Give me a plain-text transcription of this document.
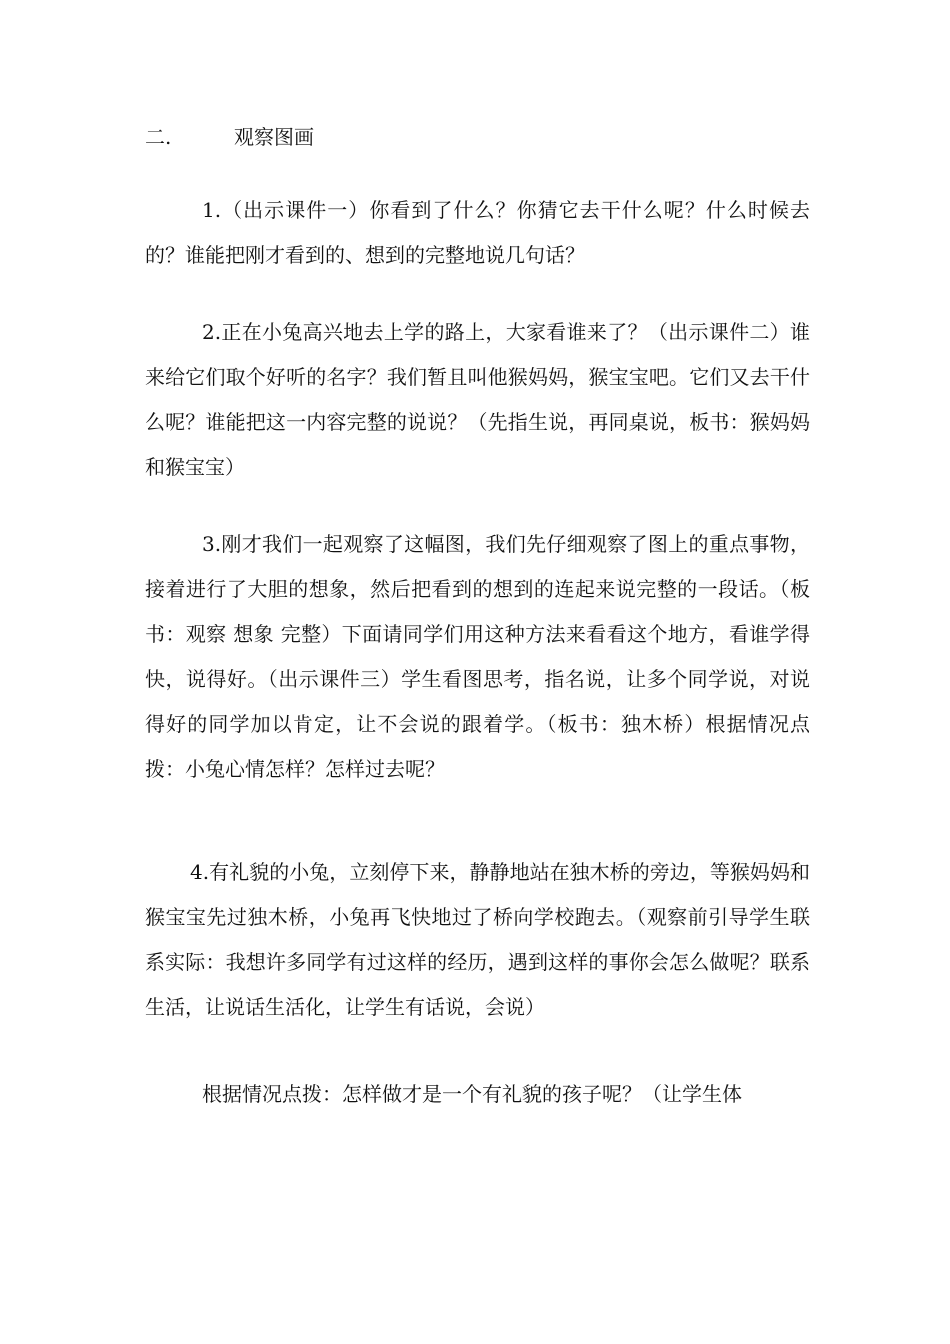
二.	观察图画

1.（出示课件一）你看到了什么？你猜它去干什么呢？什么时候去的？谁能把刚才看到的、想到的完整地说几句话？

2.正在小兔高兴地去上学的路上，大家看谁来了？（出示课件二）谁来给它们取个好听的名字？我们暂且叫他猴妈妈，猴宝宝吧。它们又去干什么呢？谁能把这一内容完整的说说？（先指生说，再同桌说，板书：猴妈妈和猴宝宝）

3.刚才我们一起观察了这幅图，我们先仔细观察了图上的重点事物，接着进行了大胆的想象，然后把看到的想到的连起来说完整的一段话。（板书：观察 想象 完整）下面请同学们用这种方法来看看这个地方，看谁学得快，说得好。（出示课件三）学生看图思考，指名说，让多个同学说，对说得好的同学加以肯定，让不会说的跟着学。（板书：独木桥）根据情况点拨：小兔心情怎样？怎样过去呢？

4.有礼貌的小兔，立刻停下来，静静地站在独木桥的旁边，等猴妈妈和猴宝宝先过独木桥，小兔再飞快地过了桥向学校跑去。（观察前引导学生联系实际：我想许多同学有过这样的经历，遇到这样的事你会怎么做呢？联系生活，让说话生活化，让学生有话说，会说）

根据情况点拨：怎样做才是一个有礼貌的孩子呢？（让学生体
